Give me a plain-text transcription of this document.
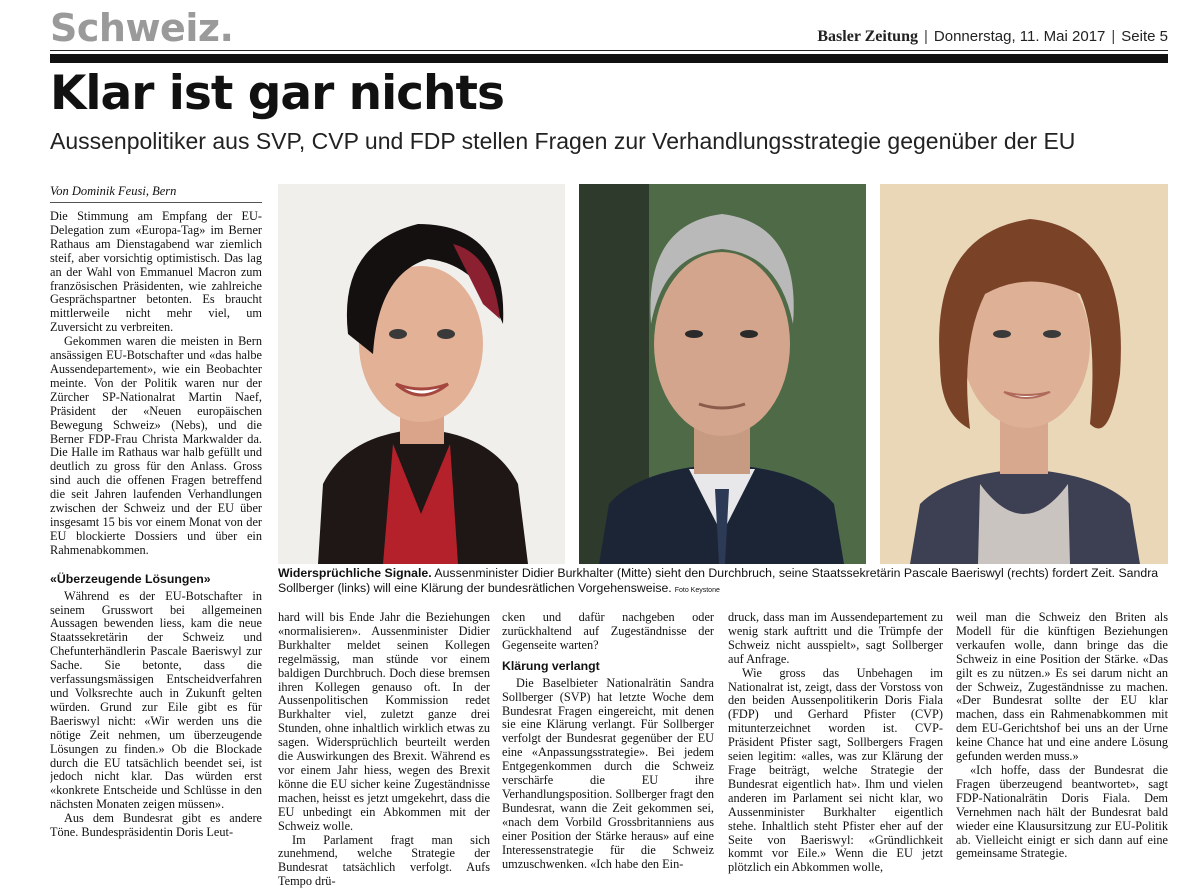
Schweiz.	Basler Zeitung | Donnerstag, 11. Mai 2017 | Seite 5
Klar ist gar nichts
Aussenpolitiker aus SVP, CVP und FDP stellen Fragen zur Verhandlungsstrategie gegenüber der EU
Von Dominik Feusi, Bern

Die Stimmung am Empfang der EU-Delegation zum «Europa-Tag» im Berner Rathaus am Dienstagabend war ziemlich steif, aber vorsichtig optimistisch. Das lag an der Wahl von Emmanuel Macron zum französischen Präsidenten, wie zahlreiche Gesprächspartner betonten. Es braucht mittlerweile nicht mehr viel, um Zuversicht zu verbreiten.

Gekommen waren die meisten in Bern ansässigen EU-Botschafter und «das halbe Aussendepartement», wie ein Beobachter meinte. Von der Politik waren nur der Zürcher SP-Nationalrat Martin Naef, Präsident der «Neuen europäischen Bewegung Schweiz» (Nebs), und die Berner FDP-Frau Christa Markwalder da. Die Halle im Rathaus war halb gefüllt und deutlich zu gross für den Anlass. Gross sind auch die offenen Fragen betreffend die seit Jahren laufenden Verhandlungen zwischen der Schweiz und der EU über insgesamt 15 bis vor einem Monat von der EU blockierte Dossiers und über ein Rahmenabkommen.

«Überzeugende Lösungen»

Während es der EU-Botschafter in seinem Grusswort bei allgemeinen Aussagen bewenden liess, kam die neue Staatssekretärin der Schweiz und Chefunterhändlerin Pascale Baeriswyl zur Sache. Sie betonte, dass die verfassungsmässigen Entscheidverfahren und Volksrechte auch in Zukunft gelten würden. Grund zur Eile gibt es für Baeriswyl nicht: «Wir werden uns die nötige Zeit nehmen, um überzeugende Lösungen zu finden.» Ob die Blockade durch die EU tatsächlich beendet sei, ist jedoch nicht klar. Das würden erst «konkrete Entscheide und Schlüsse in den nächsten Monaten zeigen müssen».

Aus dem Bundesrat gibt es andere Töne. Bundespräsidentin Doris Leut-

Widersprüchliche Signale. Aussenminister Didier Burkhalter (Mitte) sieht den Durchbruch, seine Staatssekretärin Pascale Baeriswyl (rechts) fordert Zeit. Sandra Sollberger (links) will eine Klärung der bundesrätlichen Vorgehensweise. Foto Keystone

hard will bis Ende Jahr die Beziehungen «normalisieren». Aussenminister Didier Burkhalter meldet seinen Kollegen regelmässig, man stünde vor einem baldigen Durchbruch. Doch diese bremsen ihren Kollegen genauso oft. In der Aussenpolitischen Kommission redet Burkhalter viel, zuletzt ganze drei Stunden, ohne inhaltlich wirklich etwas zu sagen. Widersprüchlich beurteilt werden die Auswirkungen des Brexit. Während es vor einem Jahr hiess, wegen des Brexit könne die EU sicher keine Zugeständnisse machen, heisst es jetzt umgekehrt, dass die EU unbedingt ein Abkommen mit der Schweiz wolle.

Im Parlament fragt man sich zunehmend, welche Strategie der Bundesrat tatsächlich verfolgt. Aufs Tempo drü-

cken und dafür nachgeben oder zurückhaltend auf Zugeständnisse der Gegenseite warten?

Klärung verlangt

Die Baselbieter Nationalrätin Sandra Sollberger (SVP) hat letzte Woche dem Bundesrat Fragen eingereicht, mit denen sie eine Klärung verlangt. Für Sollberger verfolgt der Bundesrat gegenüber der EU eine «Anpassungsstrategie». Bei jedem Entgegenkommen durch die Schweiz verschärfe die EU ihre Verhandlungsposition. Sollberger fragt den Bundesrat, wann die Zeit gekommen sei, «nach dem Vorbild Grossbritanniens aus einer Position der Stärke heraus» auf eine Interessenstrategie für die Schweiz umzuschwenken. «Ich habe den Ein-

druck, dass man im Aussendepartement zu wenig stark auftritt und die Trümpfe der Schweiz nicht ausspielt», sagt Sollberger auf Anfrage.

Wie gross das Unbehagen im Nationalrat ist, zeigt, dass der Vorstoss von den beiden Aussenpolitikerin Doris Fiala (FDP) und Gerhard Pfister (CVP) mitunterzeichnet worden ist. CVP-Präsident Pfister sagt, Sollbergers Fragen seien legitim: «alles, was zur Klärung der Frage beiträgt, welche Strategie der Bundesrat eigentlich hat». Ihm und vielen anderen im Parlament sei nicht klar, wo Aussenminister Burkhalter eigentlich stehe. Inhaltlich steht Pfister eher auf der Seite von Baeriswyl: «Gründlichkeit kommt vor Eile.» Wenn die EU jetzt plötzlich ein Abkommen wolle,

weil man die Schweiz den Briten als Modell für die künftigen Beziehungen verkaufen wolle, dann bringe das die Schweiz in eine Position der Stärke. «Das gilt es zu nützen.» Es sei darum nicht an der Schweiz, Zugeständnisse zu machen. «Der Bundesrat sollte der EU klar machen, dass ein Rahmenabkommen mit dem EU-Gerichtshof bei uns an der Urne keine Chance hat und eine andere Lösung gefunden werden muss.»

«Ich hoffe, dass der Bundesrat die Fragen überzeugend beantwortet», sagt FDP-Nationalrätin Doris Fiala. Dem Vernehmen nach hält der Bundesrat bald wieder eine Klausursitzung zur EU-Politik ab. Vielleicht einigt er sich dann auf eine gemeinsame Strategie.
